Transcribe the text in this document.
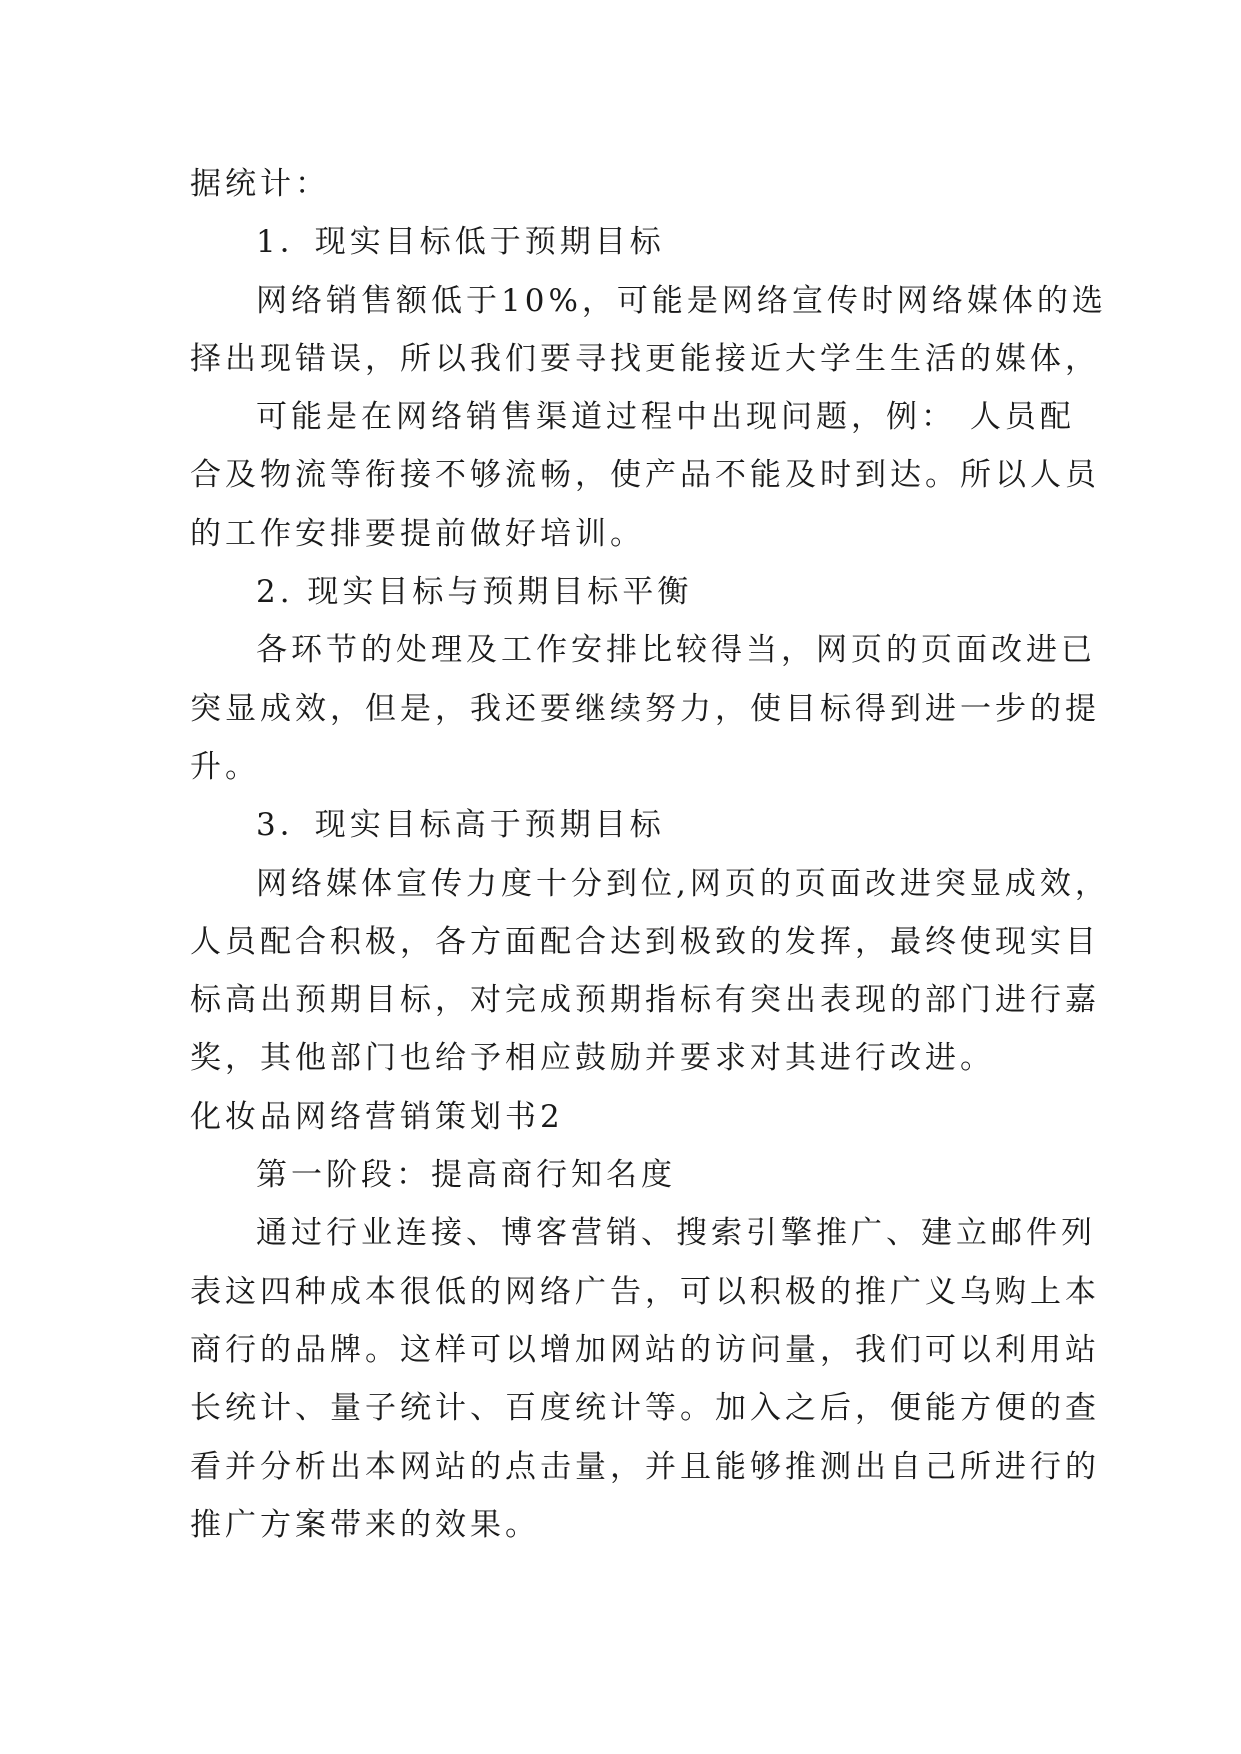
据统计：
1．现实目标低于预期目标
网络销售额低于10%，可能是网络宣传时网络媒体的选
择出现错误，所以我们要寻找更能接近大学生生活的媒体，
可能是在网络销售渠道过程中出现问题，例： 人员配
合及物流等衔接不够流畅，使产品不能及时到达。所以人员
的工作安排要提前做好培训。
2. 现实目标与预期目标平衡
各环节的处理及工作安排比较得当，网页的页面改进已
突显成效，但是，我还要继续努力，使目标得到进一步的提
升。
3．现实目标高于预期目标
网络媒体宣传力度十分到位,网页的页面改进突显成效，
人员配合积极，各方面配合达到极致的发挥，最终使现实目
标高出预期目标，对完成预期指标有突出表现的部门进行嘉
奖，其他部门也给予相应鼓励并要求对其进行改进。
化妆品网络营销策划书2
第一阶段：提高商行知名度
通过行业连接、博客营销、搜索引擎推广、建立邮件列
表这四种成本很低的网络广告，可以积极的推广义乌购上本
商行的品牌。这样可以增加网站的访问量，我们可以利用站
长统计、量子统计、百度统计等。加入之后，便能方便的查
看并分析出本网站的点击量，并且能够推测出自己所进行的
推广方案带来的效果。
